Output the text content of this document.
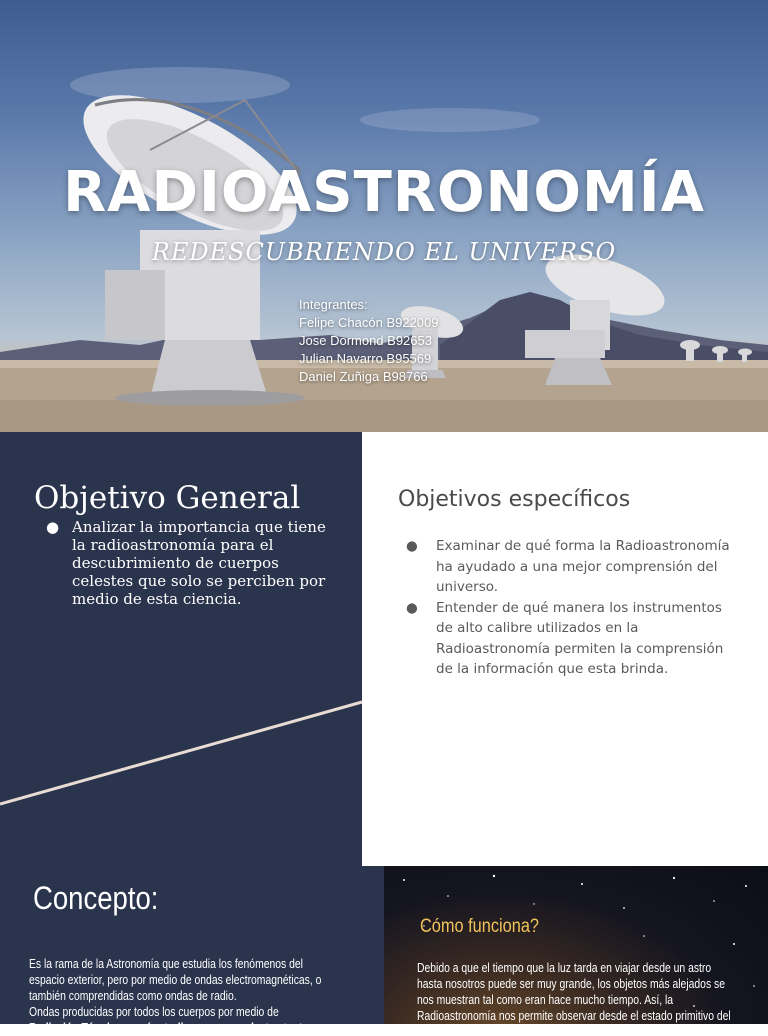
RADIOASTRONOMÍA
REDESCUBRIENDO EL UNIVERSO
Integrantes:
Felipe Chacón B922009
Jose Dormond B92653
Julian Navarro B95569
Daniel Zuñiga B98766
Objetivo General
● Analizar la importancia que tiene la radioastronomía para el descubrimiento de cuerpos celestes que solo se perciben por medio de esta ciencia.
Objetivos específicos
● Examinar de qué forma la Radioastronomía ha ayudado a una mejor comprensión del universo.
● Entender de qué manera los instrumentos de alto calibre utilizados en la Radioastronomía permiten la comprensión de la información que esta brinda.
Concepto:
Es la rama de la Astronomía que estudia los fenómenos del
espacio exterior, pero por medio de ondas electromagnéticas, o
también comprendidas como ondas de radio.
Ondas producidas por todos los cuerpos por medio de
Radiación Térmica, y así estudiar cuerpos celestes tanto
Cómo funciona?
Debido a que el tiempo que la luz tarda en viajar desde un astro
hasta nosotros puede ser muy grande, los objetos más alejados se
nos muestran tal como eran hace mucho tiempo. Así, la
Radioastronomía nos permite observar desde el estado primitivo del
